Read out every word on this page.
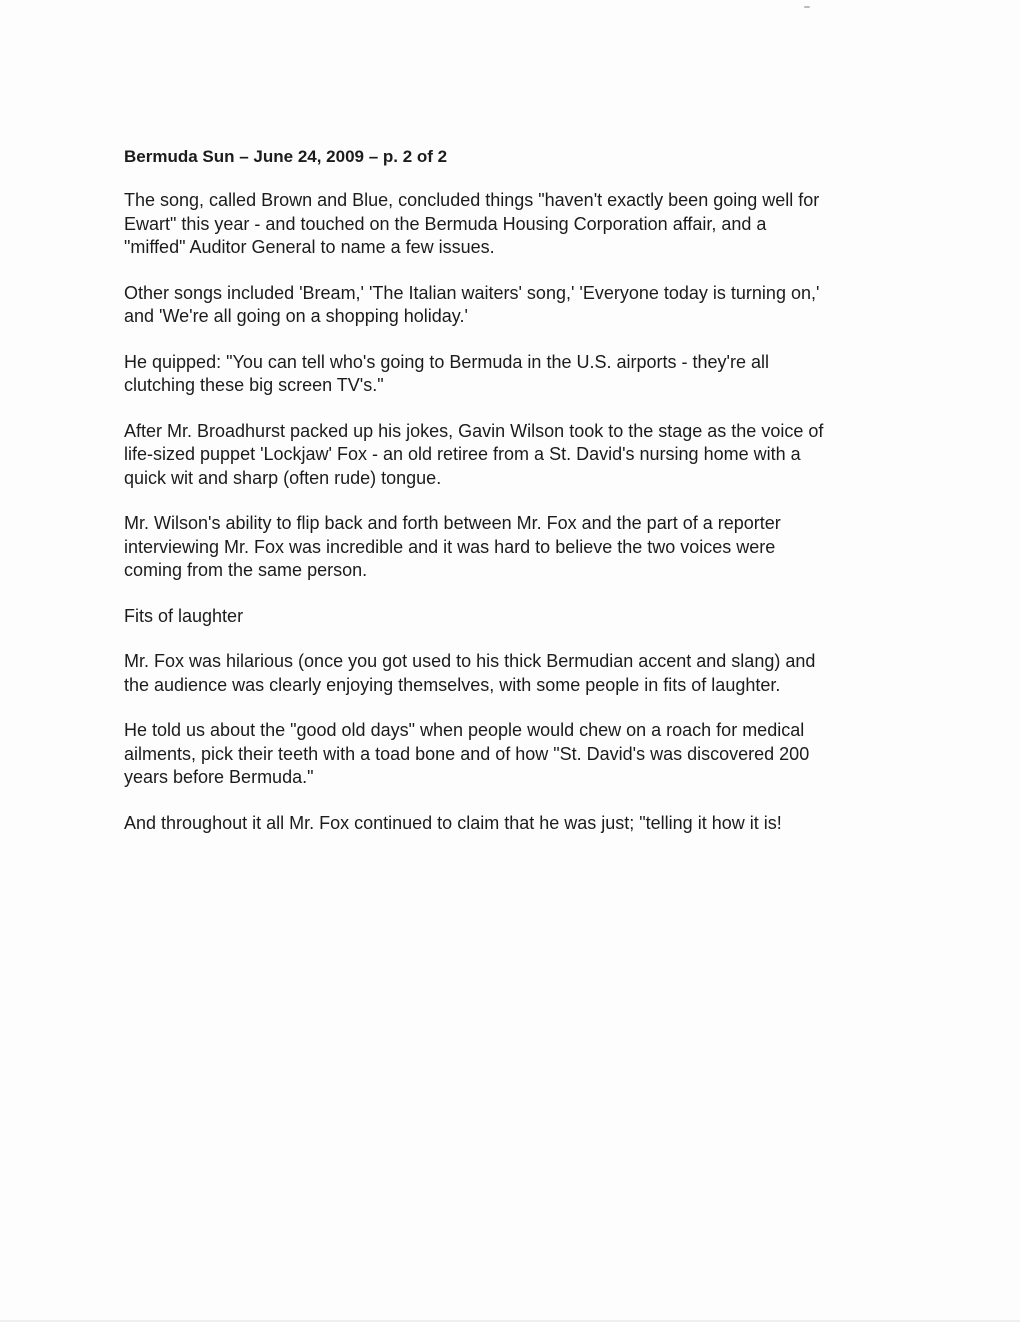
Bermuda Sun – June 24, 2009 – p. 2 of 2
The song, called Brown and Blue, concluded things "haven't exactly been going well for
Ewart" this year - and touched on the Bermuda Housing Corporation affair, and a
"miffed" Auditor General to name a few issues.
Other songs included 'Bream,' 'The Italian waiters' song,' 'Everyone today is turning on,'
and 'We're all going on a shopping holiday.'
He quipped: "You can tell who's going to Bermuda in the U.S. airports - they're all
clutching these big screen TV's."
After Mr. Broadhurst packed up his jokes, Gavin Wilson took to the stage as the voice of
life-sized puppet 'Lockjaw' Fox - an old retiree from a St. David's nursing home with a
quick wit and sharp (often rude) tongue.
Mr. Wilson's ability to flip back and forth between Mr. Fox and the part of a reporter
interviewing Mr. Fox was incredible and it was hard to believe the two voices were
coming from the same person.
Fits of laughter
Mr. Fox was hilarious (once you got used to his thick Bermudian accent and slang) and
the audience was clearly enjoying themselves, with some people in fits of laughter.
He told us about the "good old days" when people would chew on a roach for medical
ailments, pick their teeth with a toad bone and of how "St. David's was discovered 200
years before Bermuda."
And throughout it all Mr. Fox continued to claim that he was just; "telling it how it is!
